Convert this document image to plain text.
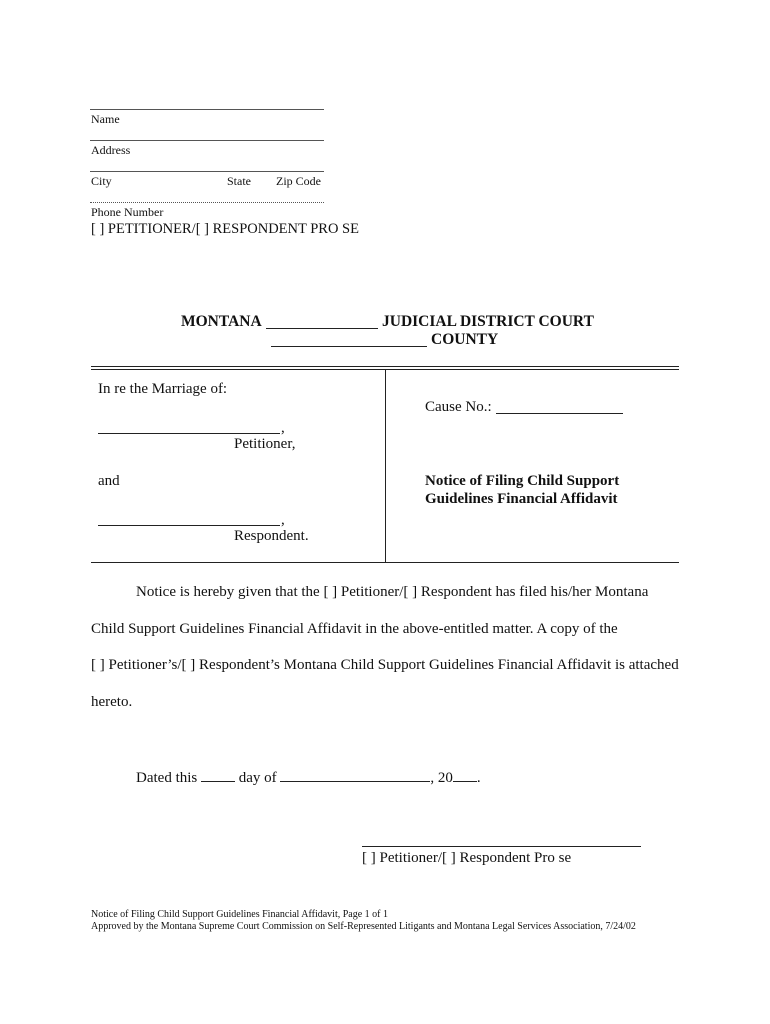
Name
Address
City	State Zip Code
Phone Number
[ ] PETITIONER/[ ] RESPONDENT PRO SE
MONTANA	JUDICIAL DISTRICT COURT
COUNTY
In re the Marriage of:
,
Petitioner,
and
,
Respondent.
Cause No.:
Notice of Filing Child Support
Guidelines Financial Affidavit
Notice is hereby given that the [ ] Petitioner/[ ] Respondent has filed his/her Montana
Child Support Guidelines Financial Affidavit in the above-entitled matter. A copy of the
[ ] Petitioner’s/[ ] Respondent’s Montana Child Support Guidelines Financial Affidavit is attached
hereto.
Dated this	day of	, 20 .
[ ] Petitioner/[ ] Respondent Pro se
Notice of Filing Child Support Guidelines Financial Affidavit, Page 1 of 1
Approved by the Montana Supreme Court Commission on Self-Represented Litigants and Montana Legal Services Association, 7/24/02
